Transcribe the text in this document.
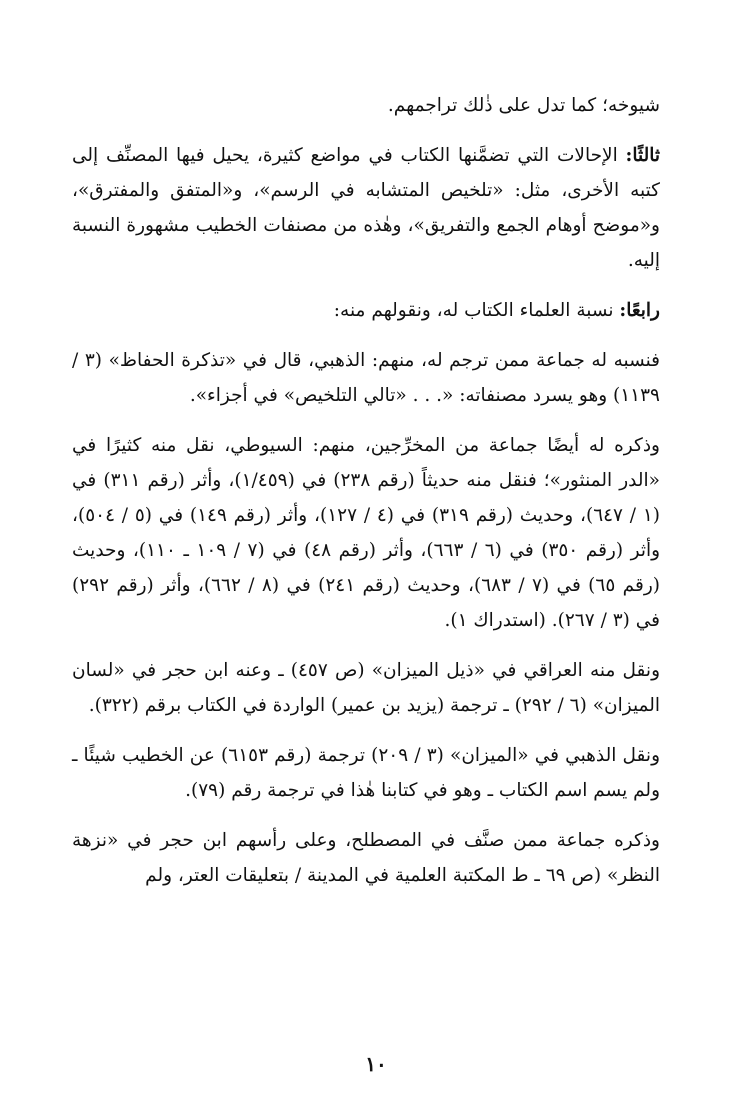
شيوخه؛ كما تدل على ذٰلك تراجمهم.

ثالثًا: الإحالات التي تضمَّنها الكتاب في مواضع كثيرة، يحيل فيها المصنِّف إلى كتبه الأخرى، مثل: «تلخيص المتشابه في الرسم»، و«المتفق والمفترق»، و«موضح أوهام الجمع والتفريق»، وهٰذه من مصنفات الخطيب مشهورة النسبة إليه.

رابعًا: نسبة العلماء الكتاب له، ونقولهم منه:

فنسبه له جماعة ممن ترجم له، منهم: الذهبي، قال في «تذكرة الحفاظ» (٣ / ١١٣٩) وهو يسرد مصنفاته: «. . . «تالي التلخيص» في أجزاء».

وذكره له أيضًا جماعة من المخرِّجين، منهم: السيوطي، نقل منه كثيرًا في «الدر المنثور»؛ فنقل منه حديثاً (رقم ٢٣٨) في (١/٤٥٩)، وأثر (رقم ٣١١) في (١ / ٦٤٧)، وحديث (رقم ٣١٩) في (٤ / ١٢٧)، وأثر (رقم ١٤٩) في (٥ / ٥٠٤)، وأثر (رقم ٣٥٠) في (٦ / ٦٦٣)، وأثر (رقم ٤٨) في (٧ / ١٠٩ ـ ١١٠)، وحديث (رقم ٦٥) في (٧ / ٦٨٣)، وحديث (رقم ٢٤١) في (٨ / ٦٦٢)، وأثر (رقم ٢٩٢) في (٣ / ٢٦٧). (استدراك ١).

ونقل منه العراقي في «ذيل الميزان» (ص ٤٥٧) ـ وعنه ابن حجر في «لسان الميزان» (٦ / ٢٩٢) ـ ترجمة (يزيد بن عمير) الواردة في الكتاب برقم (٣٢٢).

ونقل الذهبي في «الميزان» (٣ / ٢٠٩) ترجمة (رقم ٦١٥٣) عن الخطيب شيئًا ـ ولم يسم اسم الكتاب ـ وهو في كتابنا هٰذا في ترجمة رقم (٧٩).

وذكره جماعة ممن صنَّف في المصطلح، وعلى رأسهم ابن حجر في «نزهة النظر» (ص ٦٩ ـ ط المكتبة العلمية في المدينة / بتعليقات العتر، ولم

١٠
